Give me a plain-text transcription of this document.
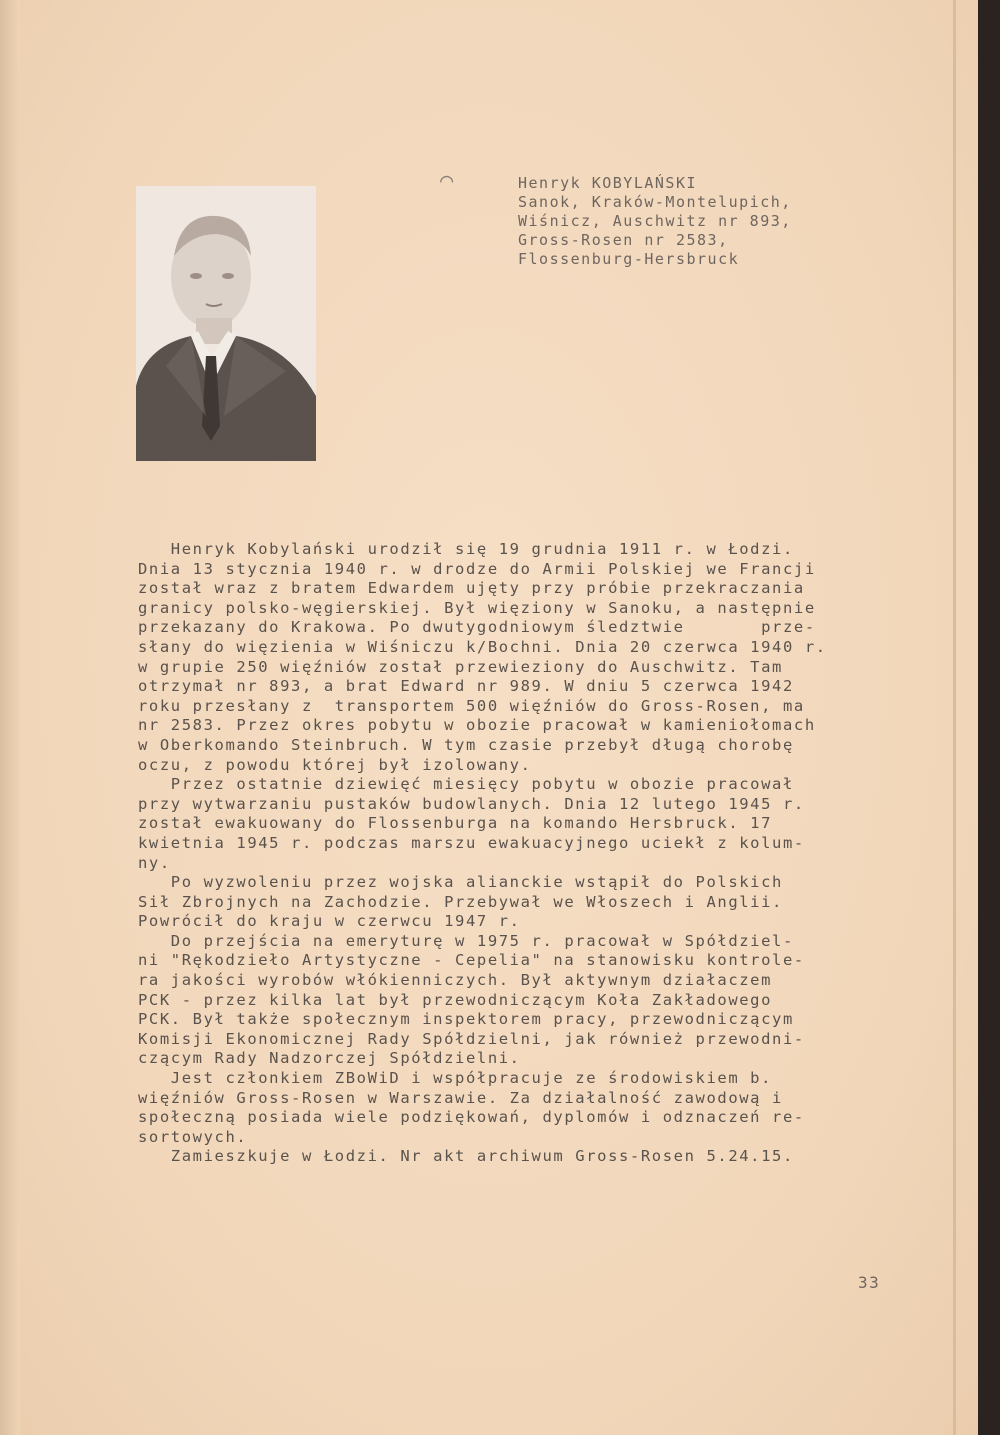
⌒	Henryk KOBYLAŃSKI
Sanok, Kraków-Montelupich,
Wiśnicz, Auschwitz nr 893,
Gross-Rosen nr 2583,
Flossenburg-Hersbruck
Henryk Kobylański urodził się 19 grudnia 1911 r. w Łodzi.
Dnia 13 stycznia 1940 r. w drodze do Armii Polskiej we Francji
został wraz z bratem Edwardem ujęty przy próbie przekraczania
granicy polsko-węgierskiej. Był więziony w Sanoku, a następnie
przekazany do Krakowa. Po dwutygodniowym śledztwie       prze-
słany do więzienia w Wiśniczu k/Bochni. Dnia 20 czerwca 1940 r.
w grupie 250 więźniów został przewieziony do Auschwitz. Tam
otrzymał nr 893, a brat Edward nr 989. W dniu 5 czerwca 1942
roku przesłany z  transportem 500 więźniów do Gross-Rosen, ma
nr 2583. Przez okres pobytu w obozie pracował w kamieniołomach
w Oberkomando Steinbruch. W tym czasie przebył długą chorobę
oczu, z powodu której był izolowany.
Przez ostatnie dziewięć miesięcy pobytu w obozie pracował
przy wytwarzaniu pustaków budowlanych. Dnia 12 lutego 1945 r.
został ewakuowany do Flossenburga na komando Hersbruck. 17
kwietnia 1945 r. podczas marszu ewakuacyjnego uciekł z kolum-
ny.
Po wyzwoleniu przez wojska alianckie wstąpił do Polskich
Sił Zbrojnych na Zachodzie. Przebywał we Włoszech i Anglii.
Powrócił do kraju w czerwcu 1947 r.
Do przejścia na emeryturę w 1975 r. pracował w Spółdziel-
ni "Rękodzieło Artystyczne - Cepelia" na stanowisku kontrole-
ra jakości wyrobów włókienniczych. Był aktywnym działaczem
PCK - przez kilka lat był przewodniczącym Koła Zakładowego
PCK. Był także społecznym inspektorem pracy, przewodniczącym
Komisji Ekonomicznej Rady Spółdzielni, jak również przewodni-
czącym Rady Nadzorczej Spółdzielni.
Jest członkiem ZBoWiD i współpracuje ze środowiskiem b.
więźniów Gross-Rosen w Warszawie. Za działalność zawodową i
społeczną posiada wiele podziękowań, dyplomów i odznaczeń re-
sortowych.
Zamieszkuje w Łodzi. Nr akt archiwum Gross-Rosen 5.24.15.
33
